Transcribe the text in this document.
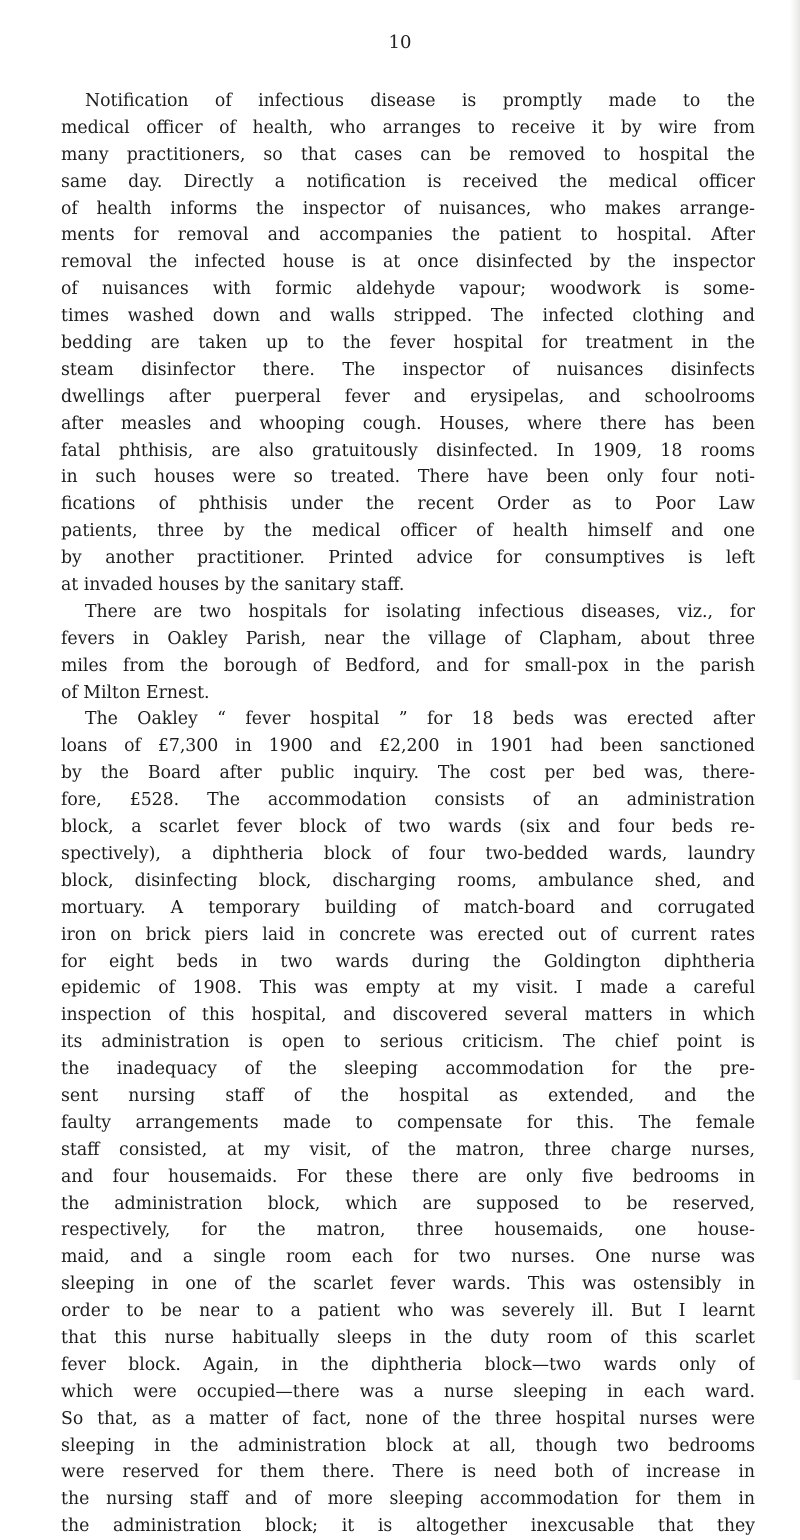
10
Notification of infectious disease is promptly made to the
medical officer of health, who arranges to receive it by wire from
many practitioners, so that cases can be removed to hospital the
same day. Directly a notification is received the medical officer
of health informs the inspector of nuisances, who makes arrange-
ments for removal and accompanies the patient to hospital. After
removal the infected house is at once disinfected by the inspector
of nuisances with formic aldehyde vapour; woodwork is some-
times washed down and walls stripped. The infected clothing and
bedding are taken up to the fever hospital for treatment in the
steam disinfector there. The inspector of nuisances disinfects
dwellings after puerperal fever and erysipelas, and schoolrooms
after measles and whooping cough. Houses, where there has been
fatal phthisis, are also gratuitously disinfected. In 1909, 18 rooms
in such houses were so treated. There have been only four noti-
fications of phthisis under the recent Order as to Poor Law
patients, three by the medical officer of health himself and one
by another practitioner. Printed advice for consumptives is left
at invaded houses by the sanitary staff.
There are two hospitals for isolating infectious diseases, viz., for
fevers in Oakley Parish, near the village of Clapham, about three
miles from the borough of Bedford, and for small-pox in the parish
of Milton Ernest.
The Oakley “ fever hospital ” for 18 beds was erected after
loans of £7,300 in 1900 and £2,200 in 1901 had been sanctioned
by the Board after public inquiry. The cost per bed was, there-
fore, £528. The accommodation consists of an administration
block, a scarlet fever block of two wards (six and four beds re-
spectively), a diphtheria block of four two-bedded wards, laundry
block, disinfecting block, discharging rooms, ambulance shed, and
mortuary. A temporary building of match-board and corrugated
iron on brick piers laid in concrete was erected out of current rates
for eight beds in two wards during the Goldington diphtheria
epidemic of 1908. This was empty at my visit. I made a careful
inspection of this hospital, and discovered several matters in which
its administration is open to serious criticism. The chief point is
the inadequacy of the sleeping accommodation for the pre-
sent nursing staff of the hospital as extended, and the
faulty arrangements made to compensate for this. The female
staff consisted, at my visit, of the matron, three charge nurses,
and four housemaids. For these there are only five bedrooms in
the administration block, which are supposed to be reserved,
respectively, for the matron, three housemaids, one house-
maid, and a single room each for two nurses. One nurse was
sleeping in one of the scarlet fever wards. This was ostensibly in
order to be near to a patient who was severely ill. But I learnt
that this nurse habitually sleeps in the duty room of this scarlet
fever block. Again, in the diphtheria block—two wards only of
which were occupied—there was a nurse sleeping in each ward.
So that, as a matter of fact, none of the three hospital nurses were
sleeping in the administration block at all, though two bedrooms
were reserved for them there. There is need both of increase in
the nursing staff and of more sleeping accommodation for them in
the administration block; it is altogether inexcusable that they
